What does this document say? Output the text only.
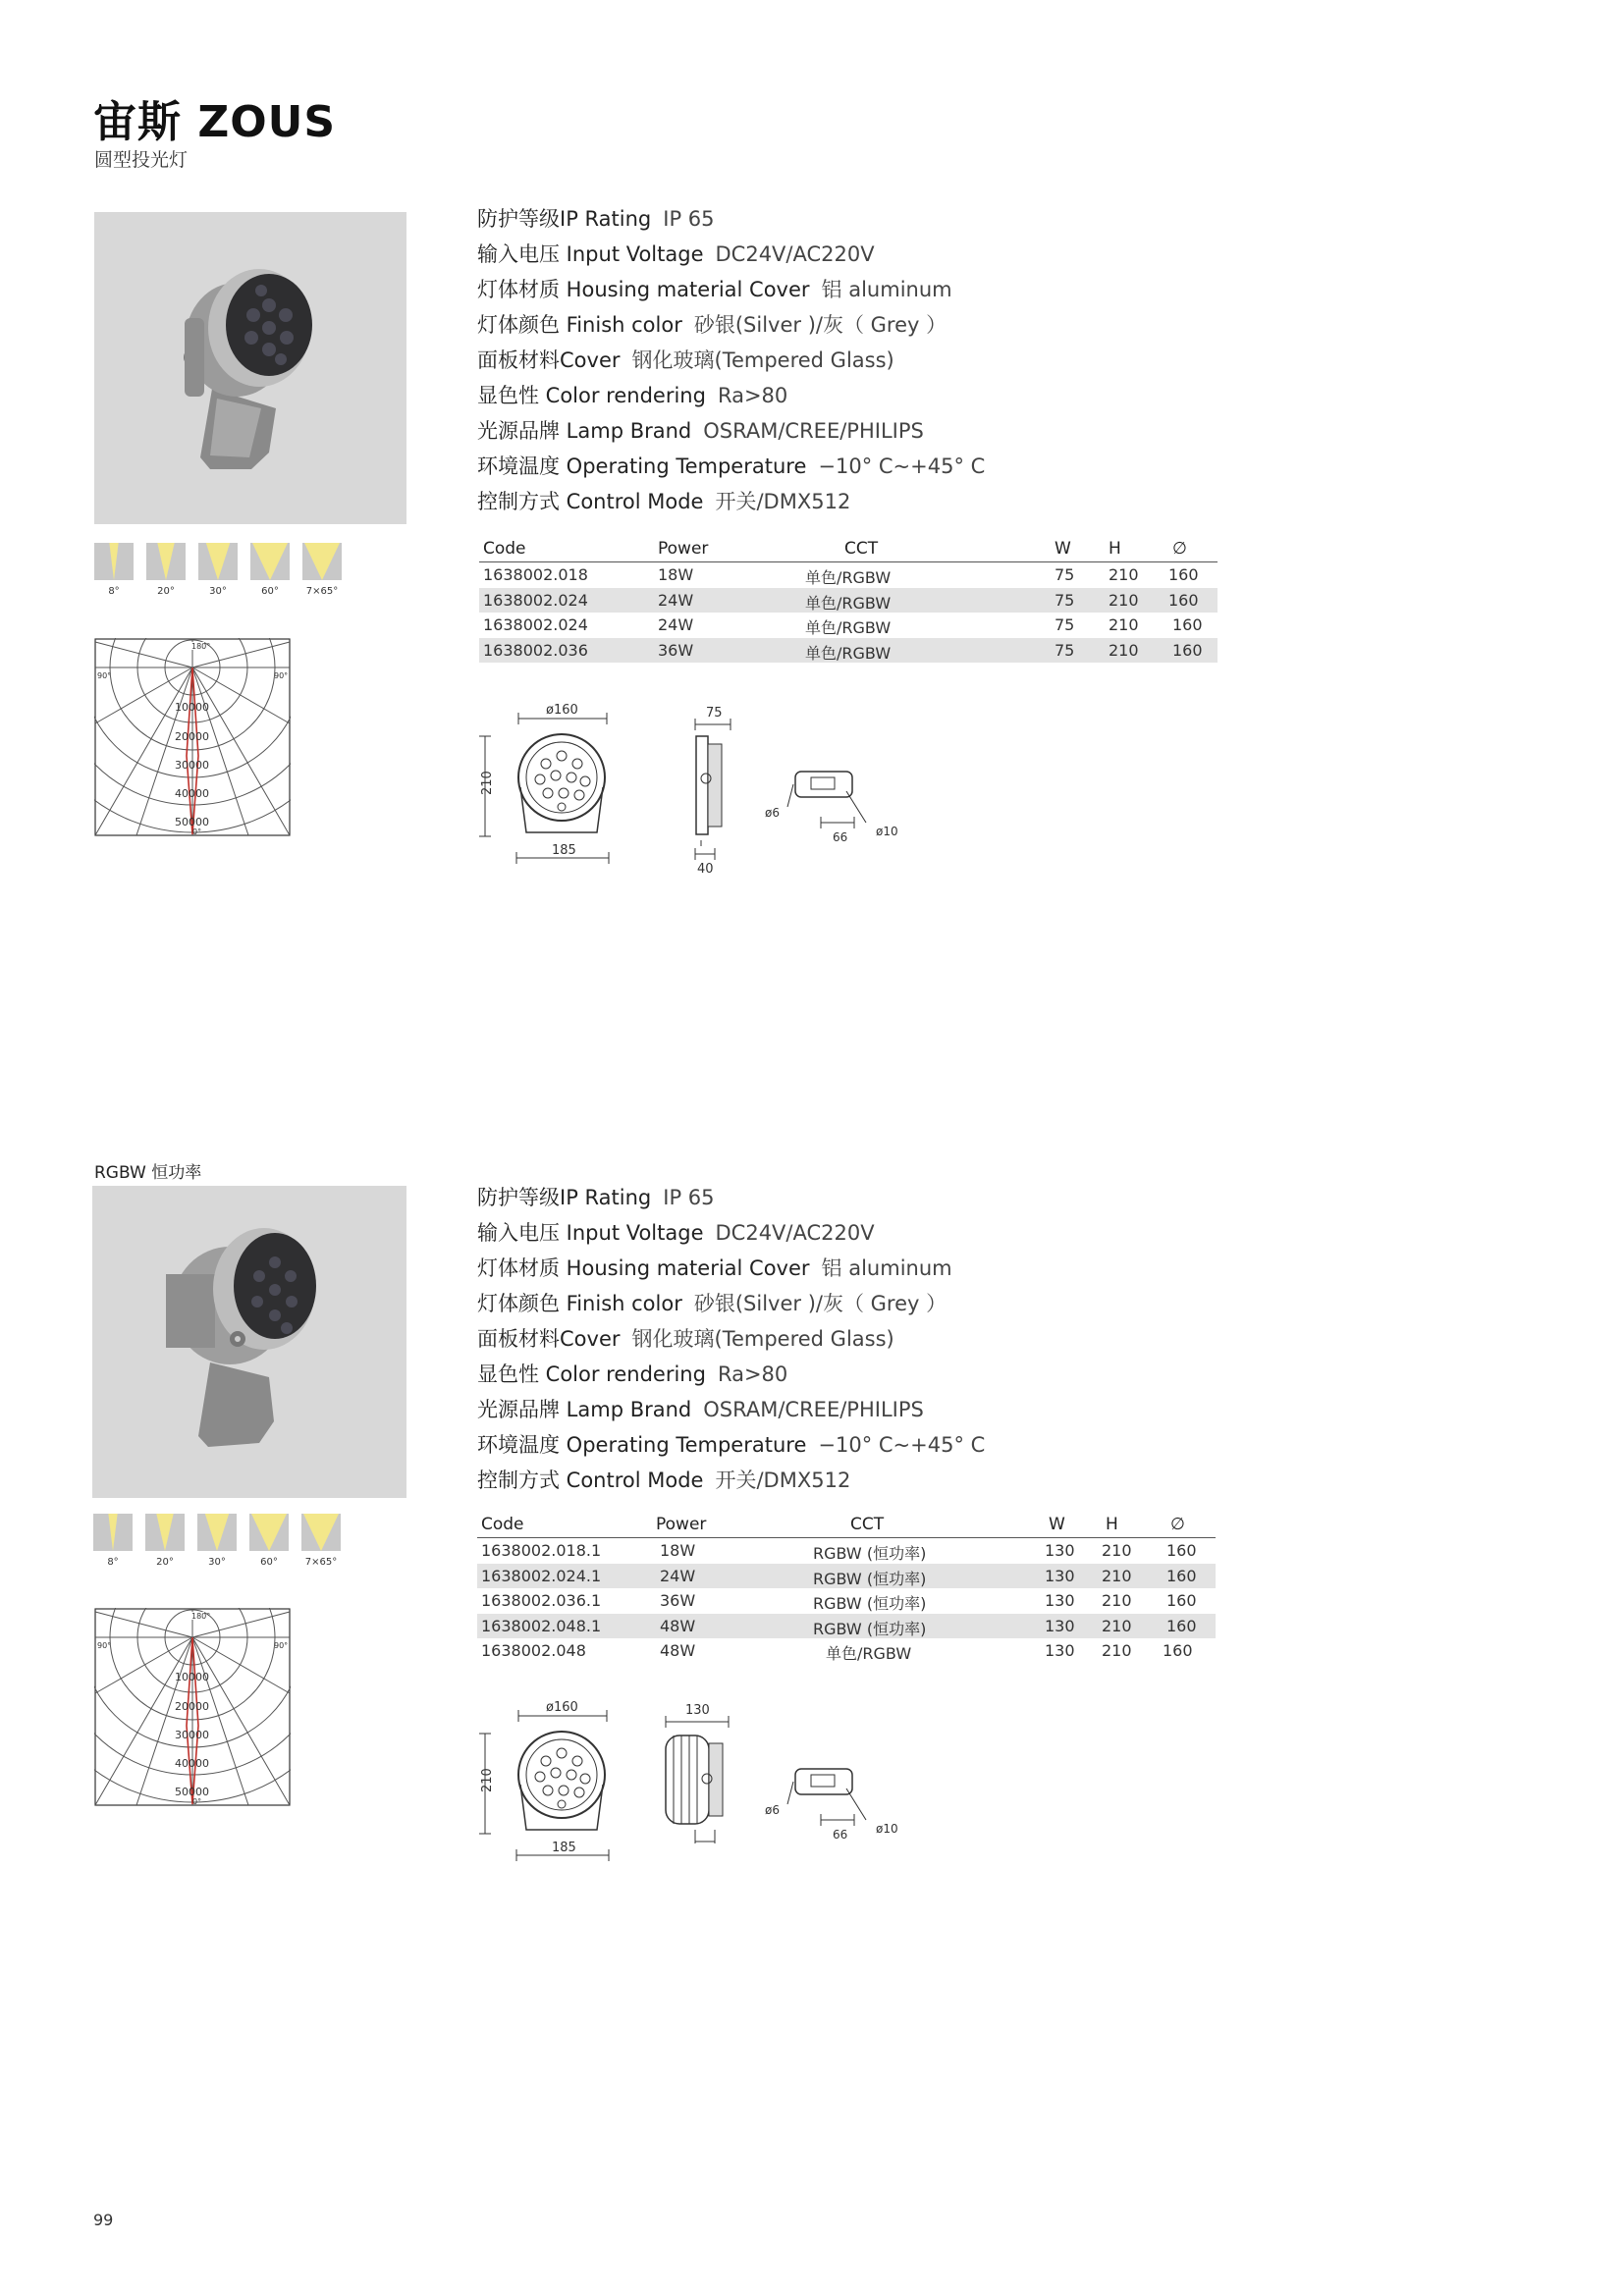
宙斯 ZOUS
圆型投光灯
8°	20°	30°	60°	7×65°
180°
90°	90°
0°
10000
20000
30000
40000
50000
防护等级IP Rating IP 65
输入电压 Input Voltage DC24V/AC220V
灯体材质 Housing material Cover 铝 aluminum
灯体颜色 Finish color 砂银(Silver )/灰（ Grey ）
面板材料Cover 钢化玻璃(Tempered Glass)
显色性 Color rendering Ra>80
光源品牌 Lamp Brand OSRAM/CREE/PHILIPS
环境温度 Operating Temperature −10° C~+45° C
控制方式 Control Mode 开关/DMX512
Code	Power	CCT	W H	∅
1638002.018	18W	单色/RGBW	75 210 160
1638002.024	24W	单色/RGBW	75 210 160
1638002.024	24W	单色/RGBW	75 210 160
1638002.036	36W	单色/RGBW	75 210 160
ø160
210
185
75
40
ø6
66 ø10
RGBW 恒功率
8°	20°	30°	60°	7×65°
180°
90°	90°
0°
10000
20000
30000
40000
50000
防护等级IP Rating IP 65
输入电压 Input Voltage DC24V/AC220V
灯体材质 Housing material Cover 铝 aluminum
灯体颜色 Finish color 砂银(Silver )/灰（ Grey ）
面板材料Cover 钢化玻璃(Tempered Glass)
显色性 Color rendering Ra>80
光源品牌 Lamp Brand OSRAM/CREE/PHILIPS
环境温度 Operating Temperature −10° C~+45° C
控制方式 Control Mode 开关/DMX512
Code	Power	CCT	W H	∅
1638002.018.1	18W	RGBW (恒功率)	130 210 160
1638002.024.1	24W	RGBW (恒功率)	130 210 160
1638002.036.1	36W	RGBW (恒功率)	130 210 160
1638002.048.1	48W	RGBW (恒功率)	130 210 160
1638002.048	48W	单色/RGBW	130 210 160
ø160
210
185
130
ø6
66 ø10
99
